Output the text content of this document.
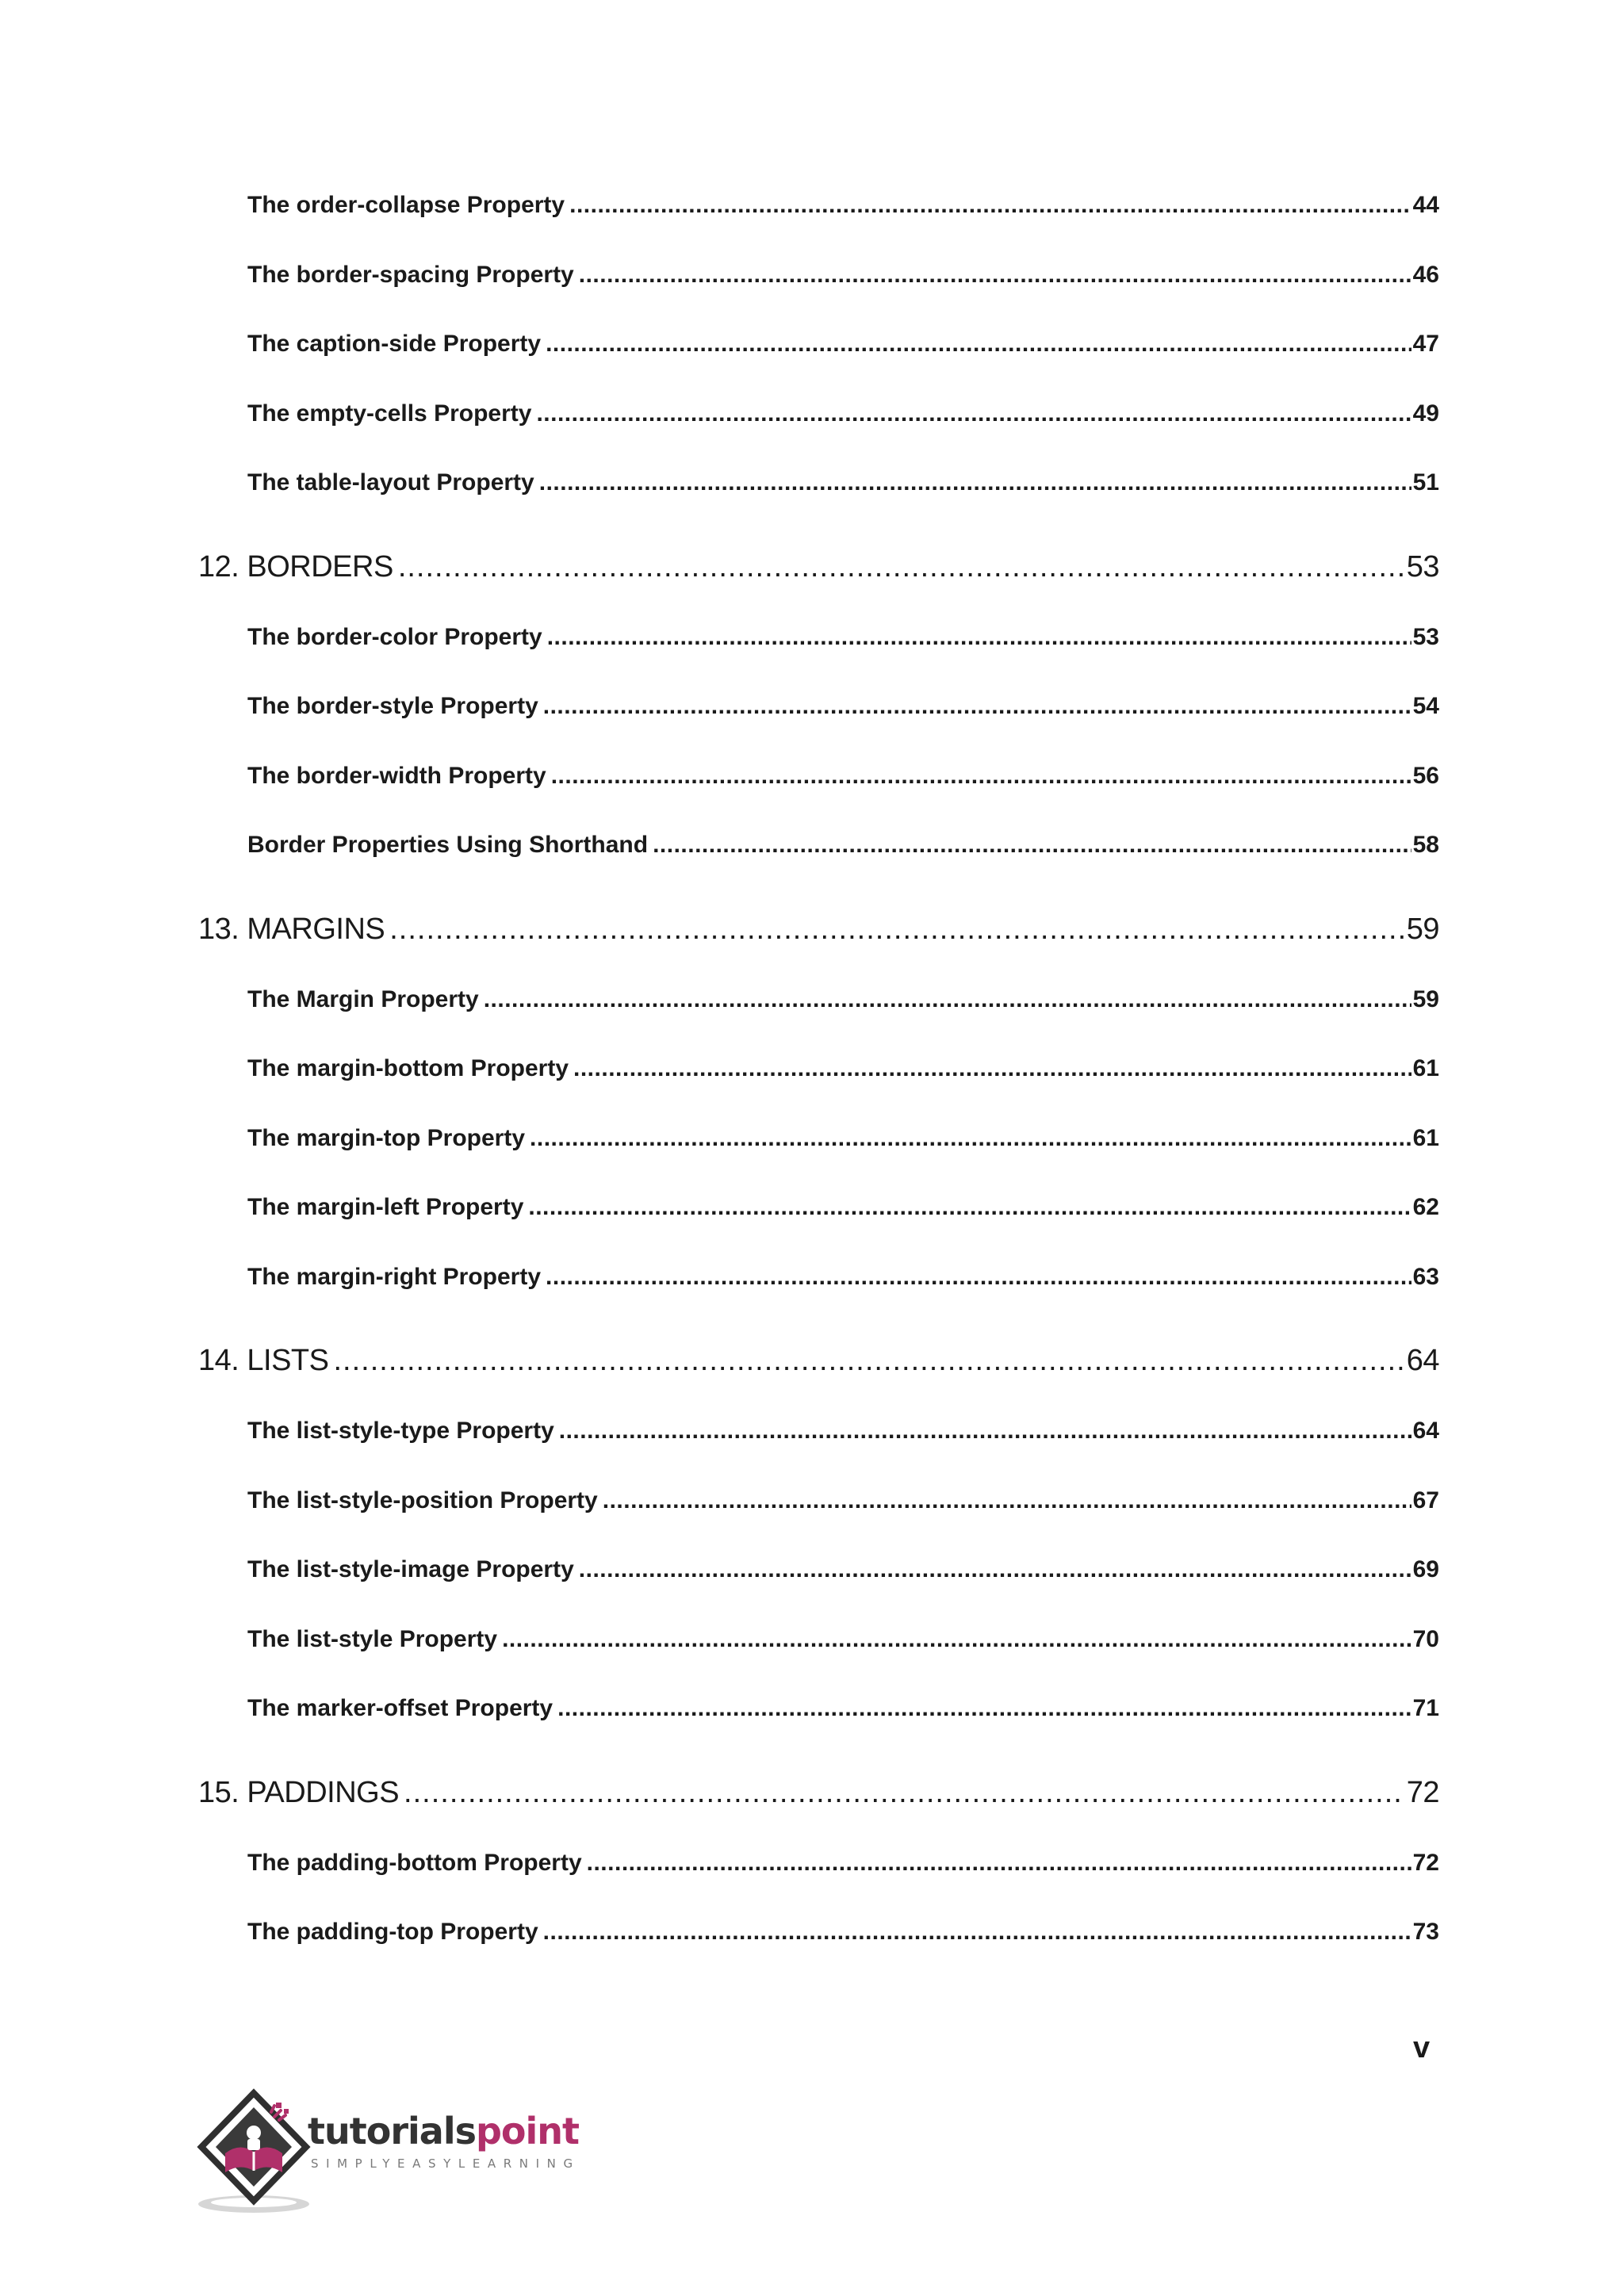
The order-collapse Property .....	44
The border-spacing Property .....	46
The caption-side Property .....	47
The empty-cells Property .....	49
The table-layout Property .....	51
12. BORDERS .....	53
The border-color Property .....	53
The border-style Property .....	54
The border-width Property .....	56
Border Properties Using Shorthand .....	58
13. MARGINS .....	59
The Margin Property .....	59
The margin-bottom Property .....	61
The margin-top Property .....	61
The margin-left Property .....	62
The margin-right Property .....	63
14. LISTS .....	64
The list-style-type Property .....	64
The list-style-position Property .....	67
The list-style-image Property .....	69
The list-style Property .....	70
The marker-offset Property .....	71
15. PADDINGS .....	72
The padding-bottom Property .....	72
The padding-top Property .....	73
v
tutorialspoint
SIMPLYEASYLEARNING
